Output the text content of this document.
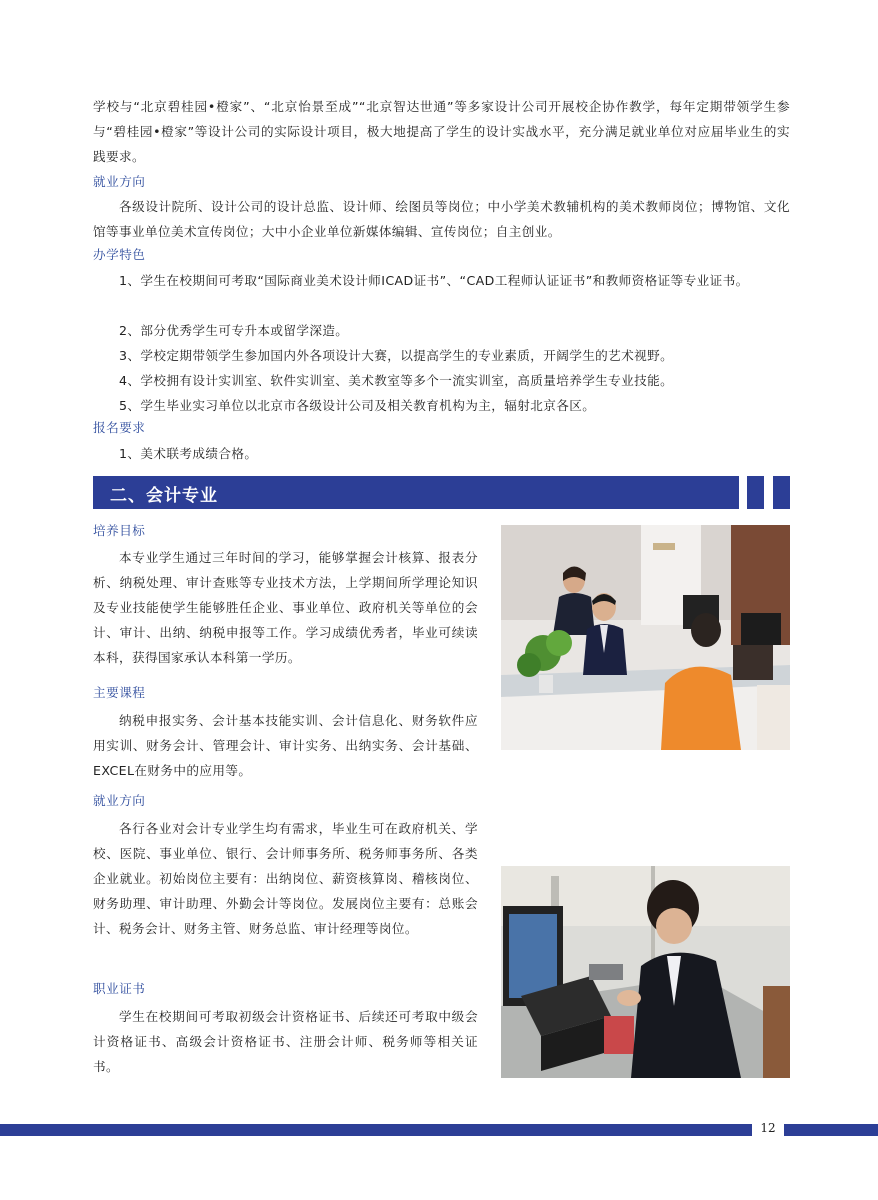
学校与“北京碧桂园•橙家”、“北京怡景至成”“北京智达世通”等多家设计公司开展校企协作教学，每年定期带领学生参与“碧桂园•橙家”等设计公司的实际设计项目，极大地提高了学生的设计实战水平，充分满足就业单位对应届毕业生的实践要求。

就业方向

各级设计院所、设计公司的设计总监、设计师、绘图员等岗位；中小学美术教辅机构的美术教师岗位；博物馆、文化馆等事业单位美术宣传岗位；大中小企业单位新媒体编辑、宣传岗位；自主创业。

办学特色

1、学生在校期间可考取“国际商业美术设计师ICAD证书”、“CAD工程师认证证书”和教师资格证等专业证书。

2、部分优秀学生可专升本或留学深造。

3、学校定期带领学生参加国内外各项设计大赛，以提高学生的专业素质，开阔学生的艺术视野。

4、学校拥有设计实训室、软件实训室、美术教室等多个一流实训室，高质量培养学生专业技能。

5、学生毕业实习单位以北京市各级设计公司及相关教育机构为主，辐射北京各区。

报名要求

1、美术联考成绩合格。

二、会计专业

培养目标

本专业学生通过三年时间的学习，能够掌握会计核算、报表分析、纳税处理、审计查账等专业技术方法，上学期间所学理论知识及专业技能使学生能够胜任企业、事业单位、政府机关等单位的会计、审计、出纳、纳税申报等工作。学习成绩优秀者，毕业可续读本科，获得国家承认本科第一学历。

主要课程

纳税申报实务、会计基本技能实训、会计信息化、财务软件应用实训、财务会计、管理会计、审计实务、出纳实务、会计基础、EXCEL在财务中的应用等。

就业方向

各行各业对会计专业学生均有需求，毕业生可在政府机关、学校、医院、事业单位、银行、会计师事务所、税务师事务所、各类企业就业。初始岗位主要有：出纳岗位、薪资核算岗、稽核岗位、财务助理、审计助理、外勤会计等岗位。发展岗位主要有：总账会计、税务会计、财务主管、财务总监、审计经理等岗位。

职业证书

学生在校期间可考取初级会计资格证书、后续还可考取中级会计资格证书、高级会计资格证书、注册会计师、税务师等相关证书。

12
